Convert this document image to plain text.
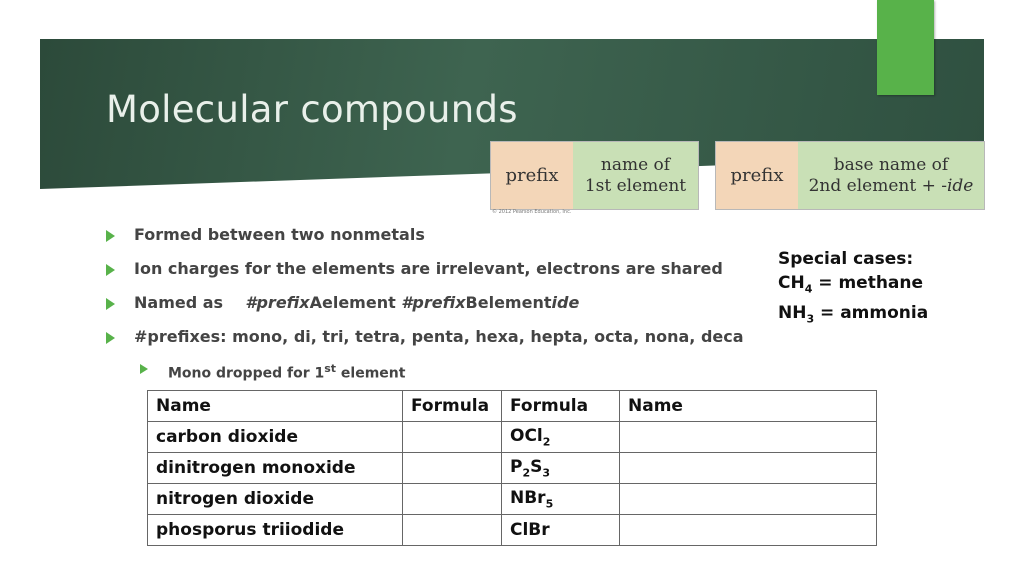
Molecular compounds
prefix
name of
1st element	prefix
base name of
2nd element + -ide
© 2012 Pearson Education, Inc.
Formed between two nonmetals
Ion charges for the elements are irrelevant, electrons are shared
Named as #prefixAelement #prefixBelementide
#prefixes: mono, di, tri, tetra, penta, hexa, hepta, octa, nona, deca
Mono dropped for 1st element
Special cases:
$CH_4$ = methane
$NH_3$ = ammonia
Name	Formula	Formula	Name
carbon dioxide		OCl$_2$	
dinitrogen monoxide		$P_2S_3$	
nitrogen dioxide		NBr$_5$	
phosporus triiodide		ClBr	
